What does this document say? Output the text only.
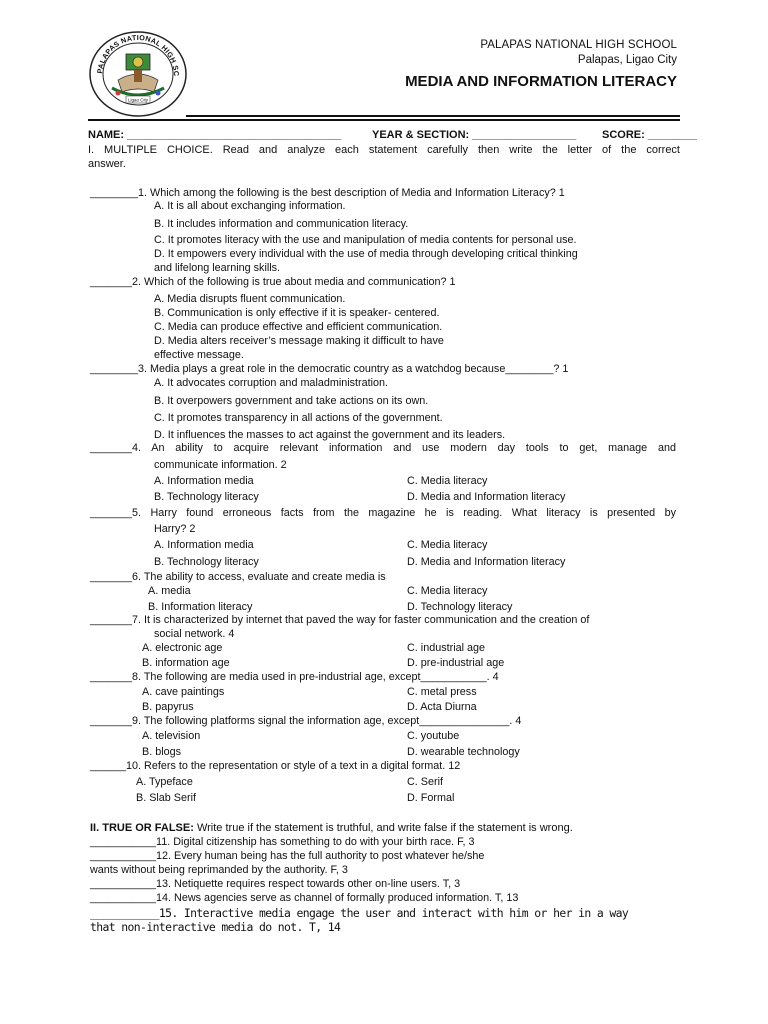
PALAPAS NATIONAL HIGH SC
Ligao City
PALAPAS NATIONAL HIGH SCHOOL
Palapas, Ligao City
MEDIA AND INFORMATION LITERACY
NAME: ___________________________________	YEAR & SECTION: _________________ SCORE: ________
I. MULTIPLE CHOICE. Read and analyze each statement carefully then write the letter of the correct
answer.
________1. Which among the following is the best description of Media and Information Literacy? 1
A. It is all about exchanging information.
B. It includes information and communication literacy.
C. It promotes literacy with the use and manipulation of media contents for personal use.
D. It empowers every individual with the use of media through developing critical thinking
and lifelong learning skills.
_______2. Which of the following is true about media and communication? 1
A. Media disrupts fluent communication.
B. Communication is only effective if it is speaker- centered.
C. Media can produce effective and efficient communication.
D. Media alters receiver’s message making it difficult to have
effective message.
________3. Media plays a great role in the democratic country as a watchdog because________? 1
A. It advocates corruption and maladministration.
B. It overpowers government and take actions on its own.
C. It promotes transparency in all actions of the government.
D. It influences the masses to act against the government and its leaders.
_______4. An ability to acquire relevant information and use modern day tools to get, manage and
communicate information. 2
A. Information media
B. Technology literacy
C. Media literacy
D. Media and Information literacy
_______5. Harry found erroneous facts from the magazine he is reading. What literacy is presented by
Harry? 2
A. Information media
B. Technology literacy
C. Media literacy
D. Media and Information literacy
_______6. The ability to access, evaluate and create media is
A. media
B. Information literacy
C. Media literacy
D. Technology literacy
_______7. It is characterized by internet that paved the way for faster communication and the creation of
social network. 4
A. electronic age
B. information age
C. industrial age
D. pre-industrial age
_______8. The following are media used in pre-industrial age, except___________. 4
A. cave paintings
B. papyrus
C. metal press
D. Acta Diurna
_______9. The following platforms signal the information age, except_______________. 4
A. television
B. blogs
C. youtube
D. wearable technology
______10. Refers to the representation or style of a text in a digital format. 12
A. Typeface
B. Slab Serif
C. Serif
D. Formal
II. TRUE OR FALSE: Write true if the statement is truthful, and write false if the statement is wrong.
___________11. Digital citizenship has something to do with your birth race. F, 3
___________12. Every human being has the full authority to post whatever he/she
wants without being reprimanded by the authority. F, 3
___________13. Netiquette requires respect towards other on-line users. T, 3
___________14. News agencies serve as channel of formally produced information. T, 13
___________15. Interactive media engage the user and interact with him or her in a way
that non-interactive media do not. T, 14
